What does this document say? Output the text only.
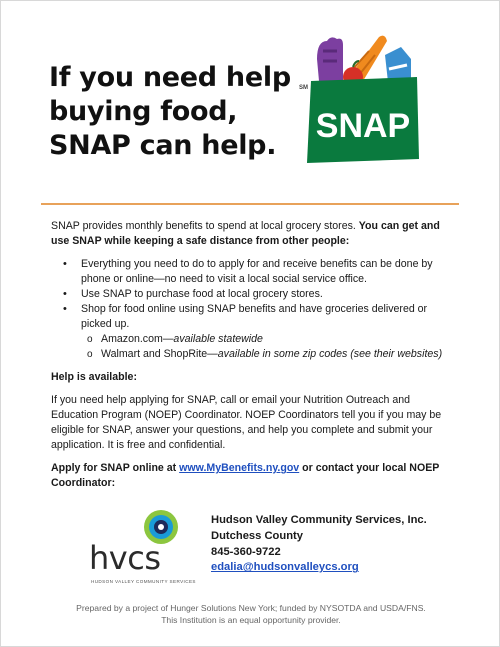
If you need help
buying food,
SNAP can help.
SM
SNAP

SNAP provides monthly benefits to spend at local grocery stores. You can get and use SNAP while keeping a safe distance from other people:

• Everything you need to do to apply for and receive benefits can be done by phone or online—no need to visit a local social service office.
• Use SNAP to purchase food at local grocery stores.
• Shop for food online using SNAP benefits and have groceries delivered or picked up.
o Amazon.com—available statewide
o Walmart and ShopRite—available in some zip codes (see their websites)

Help is available:

If you need help applying for SNAP, call or email your Nutrition Outreach and Education Program (NOEP) Coordinator. NOEP Coordinators tell you if you may be eligible for SNAP, answer your questions, and help you complete and submit your application. It is free and confidential.

Apply for SNAP online at www.MyBenefits.ny.gov or contact your local NOEP Coordinator:

hvcs
HUDSON VALLEY COMMUNITY SERVICES
Hudson Valley Community Services, Inc.
Dutchess County
845-360-9722
edalia@hudsonvalleycs.org
Prepared by a project of Hunger Solutions New York; funded by NYSOTDA and USDA/FNS.
This Institution is an equal opportunity provider.
